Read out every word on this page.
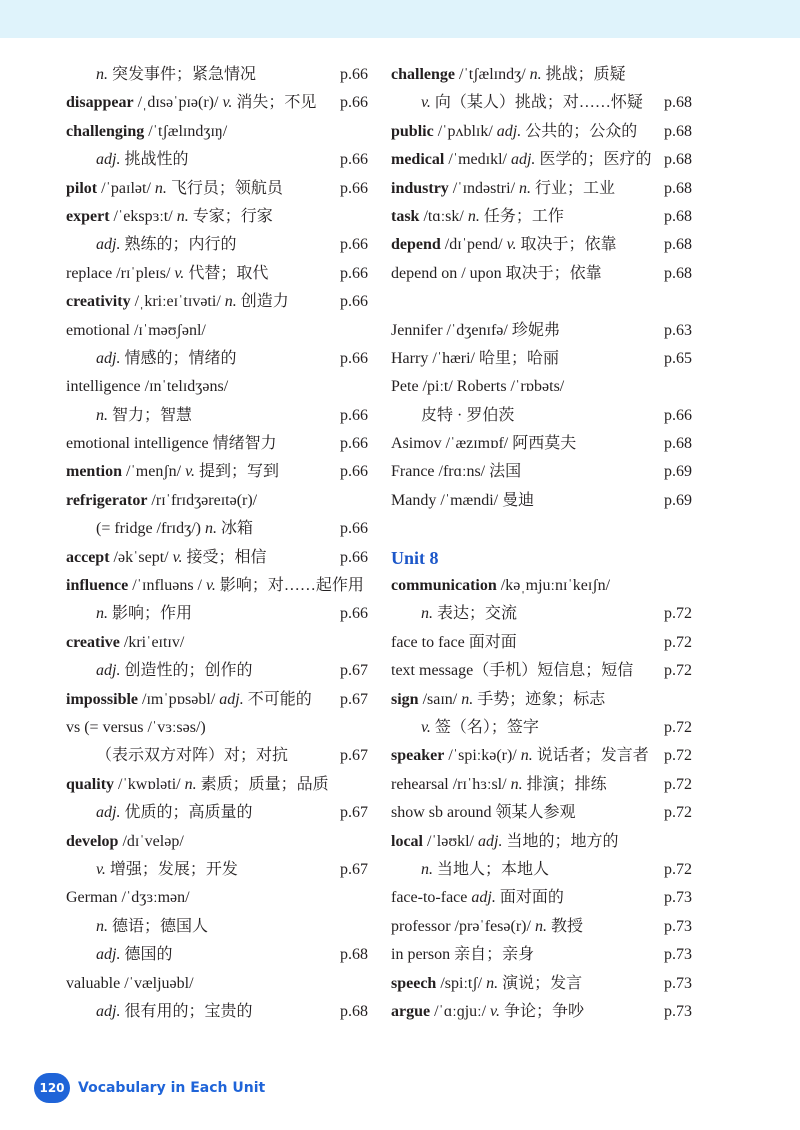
n. 突发事件；紧急情况	p.66
disappear /ˌdɪsəˈpɪə(r)/ v. 消失；不见 p.66
challenging /ˈtʃælɪndʒɪŋ/
adj. 挑战性的	p.66
pilot /ˈpaɪlət/ n. 飞行员；领航员	p.66
expert /ˈekspɜːt/ n. 专家；行家
adj. 熟练的；内行的	p.66
replace /rɪˈpleɪs/ v. 代替；取代	p.66
creativity /ˌkriːeɪˈtɪvəti/ n. 创造力	p.66
emotional /ɪˈməʊʃənl/
adj. 情感的；情绪的	p.66
intelligence /ɪnˈtelɪdʒəns/
n. 智力；智慧	p.66
emotional intelligence 情绪智力	p.66
mention /ˈmenʃn/ v. 提到；写到	p.66
refrigerator /rɪˈfrɪdʒəreɪtə(r)/
(= fridge /frɪdʒ/) n. 冰箱	p.66
accept /əkˈsept/ v. 接受；相信	p.66
influence /ˈɪnfluəns / v. 影响；对……起作用
n. 影响；作用	p.66
creative /kriˈeɪtɪv/
adj. 创造性的；创作的	p.67
impossible /ɪmˈpɒsəbl/ adj. 不可能的 p.67
vs (= versus /ˈvɜːsəs/)
（表示双方对阵）对；对抗	p.67
quality /ˈkwɒləti/ n. 素质；质量；品质
adj. 优质的；高质量的	p.67
develop /dɪˈveləp/
v. 增强；发展；开发	p.67
German /ˈdʒɜːmən/
n. 德语；德国人
adj. 德国的	p.68
valuable /ˈvæljuəbl/
adj. 很有用的；宝贵的	p.68
challenge /ˈtʃælɪndʒ/ n. 挑战；质疑
v. 向（某人）挑战；对……怀疑 p.68
public /ˈpʌblɪk/ adj. 公共的；公众的 p.68
medical /ˈmedɪkl/ adj. 医学的；医疗的 p.68
industry /ˈɪndəstri/ n. 行业；工业	p.68
task /tɑːsk/ n. 任务；工作	p.68
depend /dɪˈpend/ v. 取决于；依靠	p.68
depend on / upon 取决于；依靠	p.68
Jennifer /ˈdʒenɪfə/ 珍妮弗	p.63
Harry /ˈhæri/ 哈里；哈丽	p.65
Pete /piːt/ Roberts /ˈrɒbəts/
皮特 · 罗伯茨	p.66
Asimov /ˈæzɪmɒf/ 阿西莫夫	p.68
France /frɑːns/ 法国	p.69
Mandy /ˈmændi/ 曼迪	p.69
Unit 8
communication /kəˌmjuːnɪˈkeɪʃn/
n. 表达；交流	p.72
face to face 面对面	p.72
text message（手机）短信息；短信 p.72
sign /saɪn/ n. 手势；迹象；标志
v. 签（名）；签字	p.72
speaker /ˈspiːkə(r)/ n. 说话者；发言者 p.72
rehearsal /rɪˈhɜːsl/ n. 排演；排练	p.72
show sb around 领某人参观	p.72
local /ˈləʊkl/ adj. 当地的；地方的
n. 当地人；本地人	p.72
face-to-face adj. 面对面的	p.73
professor /prəˈfesə(r)/ n. 教授	p.73
in person 亲自；亲身	p.73
speech /spiːtʃ/ n. 演说；发言	p.73
argue /ˈɑːɡjuː/ v. 争论；争吵	p.73
120 Vocabulary in Each Unit
